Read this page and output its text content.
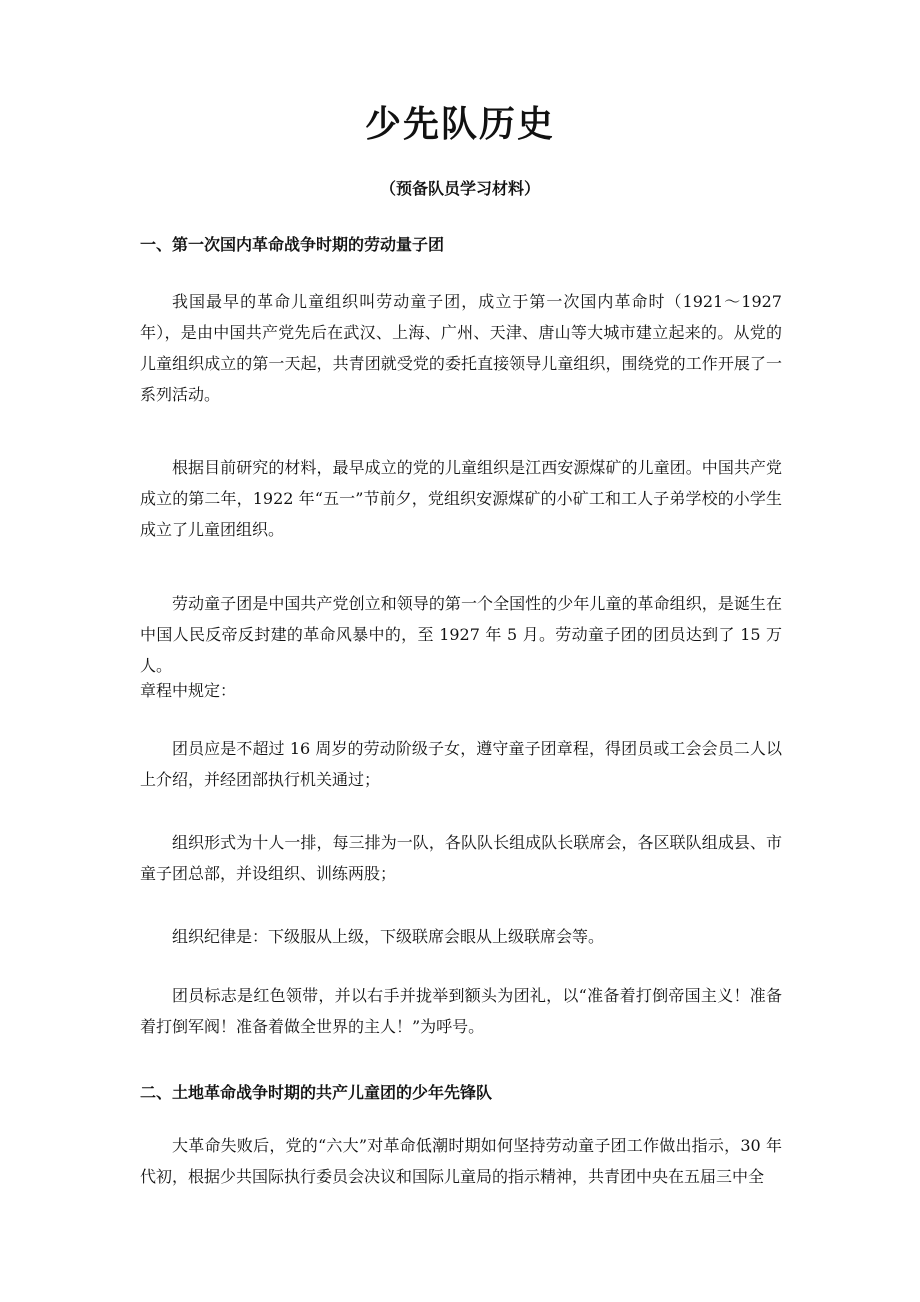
少先队历史

（预备队员学习材料）

一、第一次国内革命战争时期的劳动量子团

我国最早的革命儿童组织叫劳动童子团，成立于第一次国内革命时（1921～1927 年），是由中国共产党先后在武汉、上海、广州、天津、唐山等大城市建立起来的。从党的儿童组织成立的第一天起，共青团就受党的委托直接领导儿童组织，围绕党的工作开展了一系列活动。

根据目前研究的材料，最早成立的党的儿童组织是江西安源煤矿的儿童团。中国共产党成立的第二年，1922 年“五一”节前夕，党组织安源煤矿的小矿工和工人子弟学校的小学生成立了儿童团组织。

劳动童子团是中国共产党创立和领导的第一个全国性的少年儿童的革命组织，是诞生在中国人民反帝反封建的革命风暴中的，至 1927 年 5 月。劳动童子团的团员达到了 15 万人。

章程中规定：

团员应是不超过 16 周岁的劳动阶级子女，遵守童子团章程，得团员或工会会员二人以上介绍，并经团部执行机关通过；

组织形式为十人一排，每三排为一队，各队队长组成队长联席会，各区联队组成县、市童子团总部，并设组织、训练两股；

组织纪律是：下级服从上级，下级联席会眼从上级联席会等。

团员标志是红色领带，并以右手并拢举到额头为团礼，以“准备着打倒帝国主义！准备着打倒军阀！准备着做全世界的主人！”为呼号。

二、土地革命战争时期的共产儿童团的少年先锋队

大革命失败后，党的“六大”对革命低潮时期如何坚持劳动童子团工作做出指示，30 年代初，根据少共国际执行委员会决议和国际儿童局的指示精神，共青团中央在五届三中全
